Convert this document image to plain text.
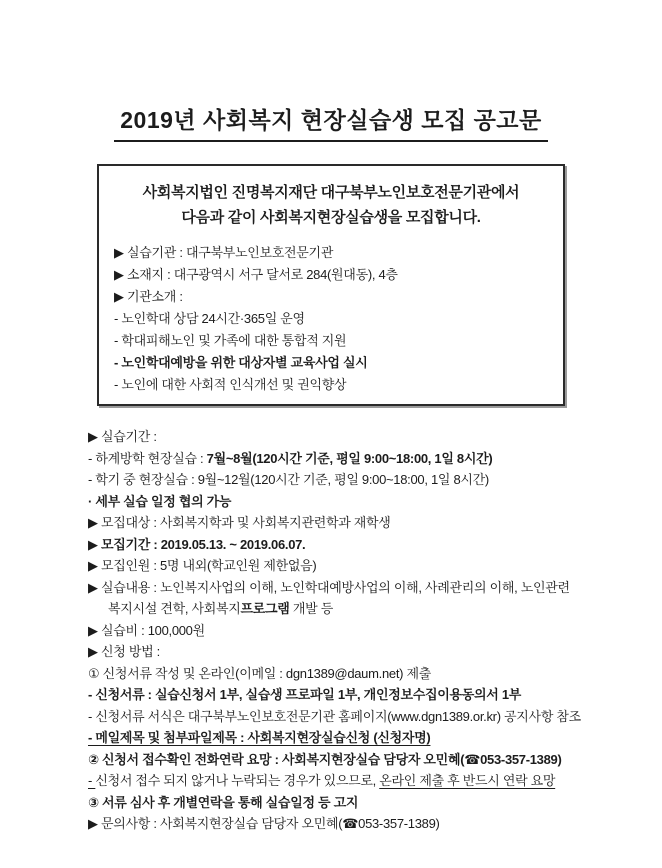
2019년 사회복지 현장실습생 모집 공고문
사회복지법인 진명복지재단 대구북부노인보호전문기관에서
다음과 같이 사회복지현장실습생을 모집합니다.
▶ 실습기관 : 대구북부노인보호전문기관
▶ 소재지 : 대구광역시 서구 달서로 284(원대동), 4층
▶ 기관소개 :
- 노인학대 상담 24시간·365일 운영
- 학대피해노인 및 가족에 대한 통합적 지원
- 노인학대예방을 위한 대상자별 교육사업 실시
- 노인에 대한 사회적 인식개선 및 권익향상
▶ 실습기간 :
- 하계방학 현장실습 : 7월~8월(120시간 기준, 평일 9:00~18:00, 1일 8시간)
- 학기 중 현장실습 : 9월~12월(120시간 기준, 평일 9:00~18:00, 1일 8시간)
· 세부 실습 일정 협의 가능
▶ 모집대상 : 사회복지학과 및 사회복지관련학과 재학생
▶ 모집기간 : 2019.05.13. ~ 2019.06.07.
▶ 모집인원 : 5명 내외(학교인원 제한없음)
▶ 실습내용 : 노인복지사업의 이해, 노인학대예방사업의 이해, 사례관리의 이해, 노인관련
복지시설 견학, 사회복지프로그램 개발 등
▶ 실습비 : 100,000원
▶ 신청 방법 :
① 신청서류 작성 및 온라인(이메일 : dgn1389@daum.net) 제출
- 신청서류 : 실습신청서 1부, 실습생 프로파일 1부, 개인정보수집이용동의서 1부
- 신청서류 서식은 대구북부노인보호전문기관 홈페이지(www.dgn1389.or.kr) 공지사항 참조
- 메일제목 및 첨부파일제목 : 사회복지현장실습신청 (신청자명)
② 신청서 접수확인 전화연락 요망 : 사회복지현장실습 담당자 오민혜(☎053-357-1389)
- 신청서 접수 되지 않거나 누락되는 경우가 있으므로, 온라인 제출 후 반드시 연락 요망
③ 서류 심사 후 개별연락을 통해 실습일정 등 고지
▶ 문의사항 : 사회복지현장실습 담당자 오민혜(☎053-357-1389)
